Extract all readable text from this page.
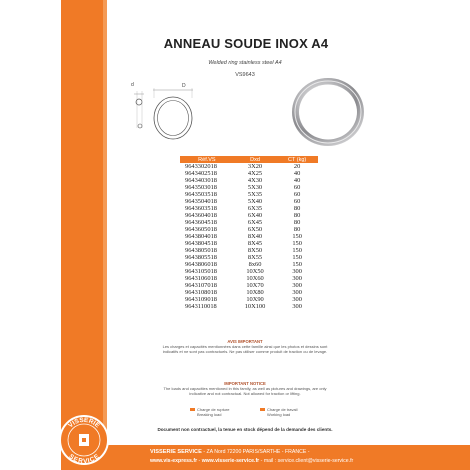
ANNEAU SOUDE INOX A4
Welded ring stainless steel A4
VS9643
d	D
Réf.VS	Dxd	CT (kg)
9643302018	3X20	20
9643402518	4X25	40
9643403018	4X30	40
9643503018	5X30	60
9643503518	5X35	60
9643504018	5X40	60
9643603518	6X35	80
9643604018	6X40	80
9643604518	6X45	80
9643605018	6X50	80
9643804018	8X40	150
9643804518	8X45	150
9643805018	8X50	150
9643805518	8X55	150
9643806018	8x60	150
9643105018	10X50	300
9643106018	10X60	300
9643107018	10X70	300
9643108018	10X80	300
9643109018	10X90	300
9643110018	10X100	300
AVIS IMPORTANT
Les charges et capacités mentionnées dans cette famille ainsi que les photos et dessins sont indicatifs et ne sont pas contractuels. Ne pas utiliser comme produit de traction ou de levage.
IMPORTANT NOTICE
The loads and capacities mentioned in this family, as well as pictures and drawings, are only indicative and not contractual. Not allowed for traction or lifting.
Charge de rupture
Breaking load
Charge de travail
Working load
Document non contractuel, la tenue en stock dépend de la demande des clients.
VISSERIE SERVICE - ZA Nord 72200 PARIS/SARTHE - FRANCE -
www.vis-express.fr - www.visserie-service.fr - mail : service.client@visserie-service.fr
VISSERIE
SERVICE
